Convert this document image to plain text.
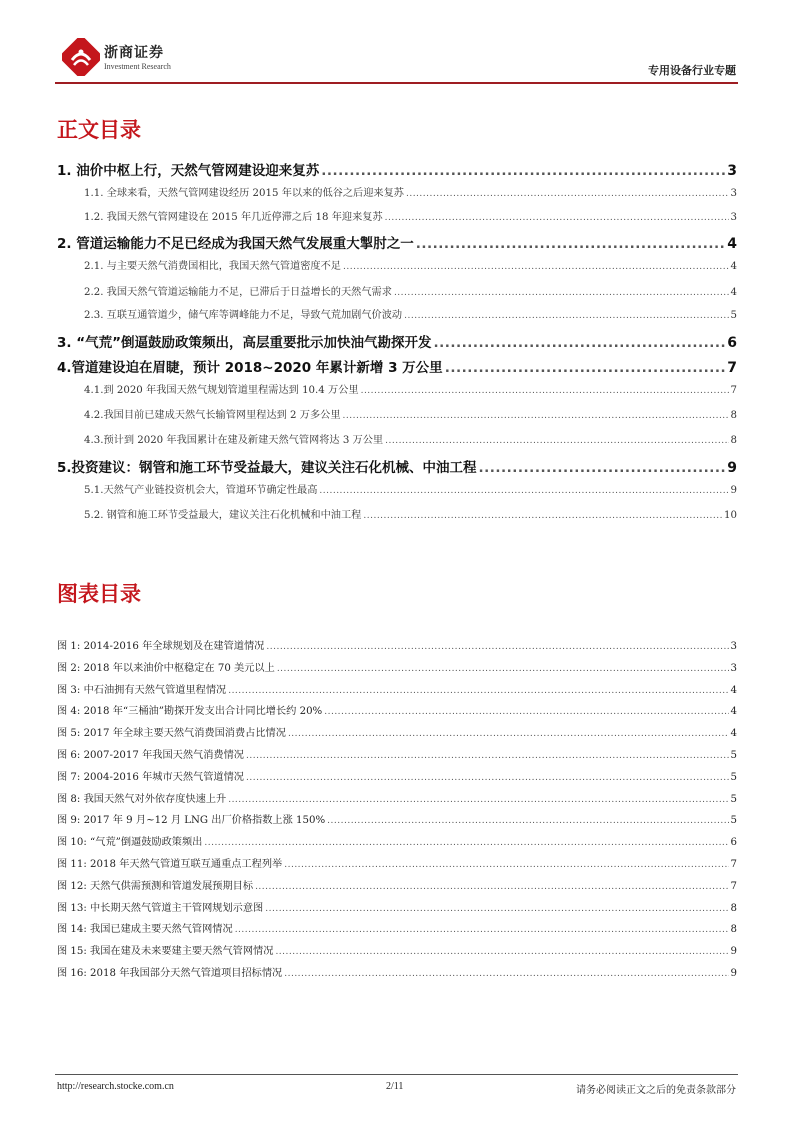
浙商证券
Investment Research	专用设备行业专题
正文目录
1. 油价中枢上行，天然气管网建设迎来复苏 .....	3
1.1. 全球来看，天然气管网建设经历 2015 年以来的低谷之后迎来复苏 .....	3
1.2. 我国天然气管网建设在 2015 年几近停滞之后 18 年迎来复苏 .....	3
2. 管道运输能力不足已经成为我国天然气发展重大掣肘之一 .....	4
2.1. 与主要天然气消费国相比，我国天然气管道密度不足 .....	4
2.2. 我国天然气管道运输能力不足，已滞后于日益增长的天然气需求 .....	4
2.3. 互联互通管道少，储气库等调峰能力不足，导致气荒加剧气价波动 .....	5
3. “气荒”倒逼鼓励政策频出，高层重要批示加快油气勘探开发 .....	6
4.管道建设迫在眉睫，预计 2018~2020 年累计新增 3 万公里 .....	7
4.1.到 2020 年我国天然气规划管道里程需达到 10.4 万公里 .....	7
4.2.我国目前已建成天然气长输管网里程达到 2 万多公里 .....	8
4.3.预计到 2020 年我国累计在建及新建天然气管网将达 3 万公里 .....	8
5.投资建议：钢管和施工环节受益最大，建议关注石化机械、中油工程 .....	9
5.1.天然气产业链投资机会大，管道环节确定性最高 .....	9
5.2. 钢管和施工环节受益最大，建议关注石化机械和中油工程 .....	10
图表目录
图 1: 2014-2016 年全球规划及在建管道情况 .....	3
图 2: 2018 年以来油价中枢稳定在 70 美元以上 .....	3
图 3: 中石油拥有天然气管道里程情况 .....	4
图 4: 2018 年“三桶油”勘探开发支出合计同比增长约 20% .....	4
图 5: 2017 年全球主要天然气消费国消费占比情况 .....	4
图 6: 2007-2017 年我国天然气消费情况 .....	5
图 7: 2004-2016 年城市天然气管道情况 .....	5
图 8: 我国天然气对外依存度快速上升 .....	5
图 9: 2017 年 9 月~12 月 LNG 出厂价格指数上涨 150% .....	5
图 10: “气荒”倒逼鼓励政策频出 .....	6
图 11: 2018 年天然气管道互联互通重点工程列举 .....	7
图 12: 天然气供需预测和管道发展预期目标 .....	7
图 13: 中长期天然气管道主干管网规划示意图 .....	8
图 14: 我国已建成主要天然气管网情况 .....	8
图 15: 我国在建及未来要建主要天然气管网情况 .....	9
图 16: 2018 年我国部分天然气管道项目招标情况 .....	9
http://research.stocke.com.cn	2/11	请务必阅读正文之后的免责条款部分
